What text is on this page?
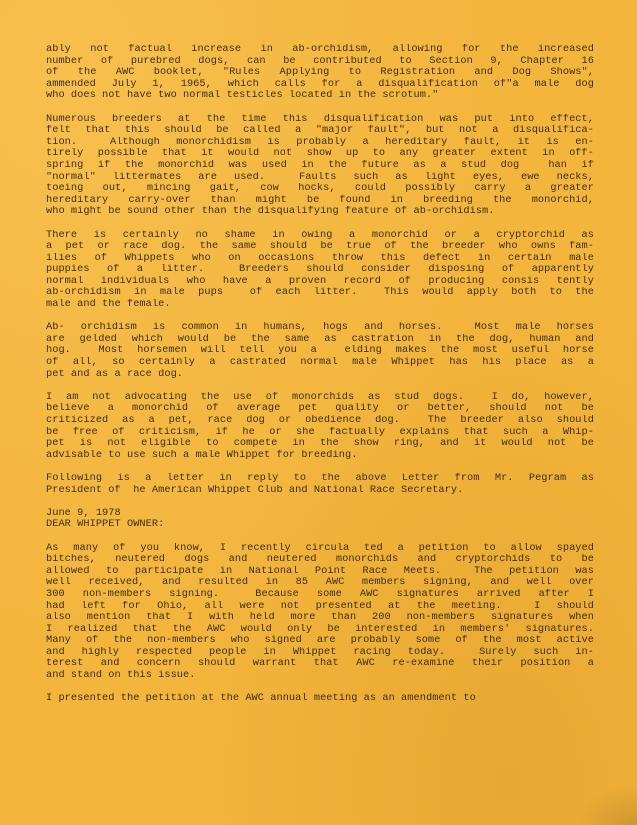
ably not factual increase in ab-orchidism, allowing for the increased
number of purebred dogs, can be contributed to Section 9, Chapter 16
of the AWC booklet, "Rules Applying to Registration and Dog Shows",
ammended July 1, 1965, which calls for a disqualification of"a male dog
who does not have two normal testicles located in the scrotum."
Numerous breeders at the time this disqualification was put into effect,
felt that this should be called a "major fault", but not a disqualifica-
tion.  Although monorchidism is probably a hereditary fault, it is en-
tirely possible that it would not show up to any greater extent in off-
spring if the monorchid was used in the future as a stud dog  han if
"normal" littermates are used.  Faults such as light eyes, ewe necks,
toeing out, mincing gait, cow hocks, could possibly carry a greater
hereditary carry-over than might be found in breeding the monorchid,
who might be sound other than the disqualifying feature of ab-orchidism.
There is certainly no shame in owing a monorchid or a cryptorchid as
a pet or race dog. the same should be true of the breeder who owns fam-
ilies of Whippets who on occasions throw this defect in certain male
puppies of a litter.  Breeders should consider disposing of apparently
normal individuals who have a proven record of producing consis tently
ab-orchidism in male pups  of each litter.  This would apply both to the
male and the female.
Ab- orchidism is common in humans, hogs and horses.  Most male horses
are gelded which would be the same as castration in the dog, human and
hog.  Most horsemen will tell you a  elding makes the most useful horse
of all, so certainly a castrated normal male Whippet has his place as a
pet and as a race dog.
I am not advocating the use of monorchids as stud dogs.  I do, however,
believe a monorchid of average pet quality or better, should not be
criticized as a pet, race dog or obedience dog.  The breeder also should
be free of criticism, if he or she factually explains that such a Whip-
pet is not eligible to compete in the show ring, and it would not be
advisable to use such a male Whippet for breeding.
Following is a letter in reply to the above Letter from Mr. Pegram as
President of  he American Whippet Club and National Race Secretary.
June 9, 1978
DEAR WHIPPET OWNER:
As many of you know, I recently circula ted a petition to allow spayed
bitches, neutered dogs and neutered monorchids and cryptorchids to be
allowed to participate in National Point Race Meets.  The petition was
well received, and resulted in 85 AWC members signing, and well over
300 non-members signing.  Because some AWC signatures arrived after I
had left for Ohio, all were not presented at the meeting.  I should
also mention that I with held more than 200 non-members signatures when
I realized that the AWC would only be interested in members' signatures.
Many of the non-members who signed are probably some of the most active
and highly respected people in Whippet racing today.  Surely such in-
terest and concern should warrant that AWC re-examine their position a
and stand on this issue.
I presented the petition at the AWC annual meeting as an amendment to
